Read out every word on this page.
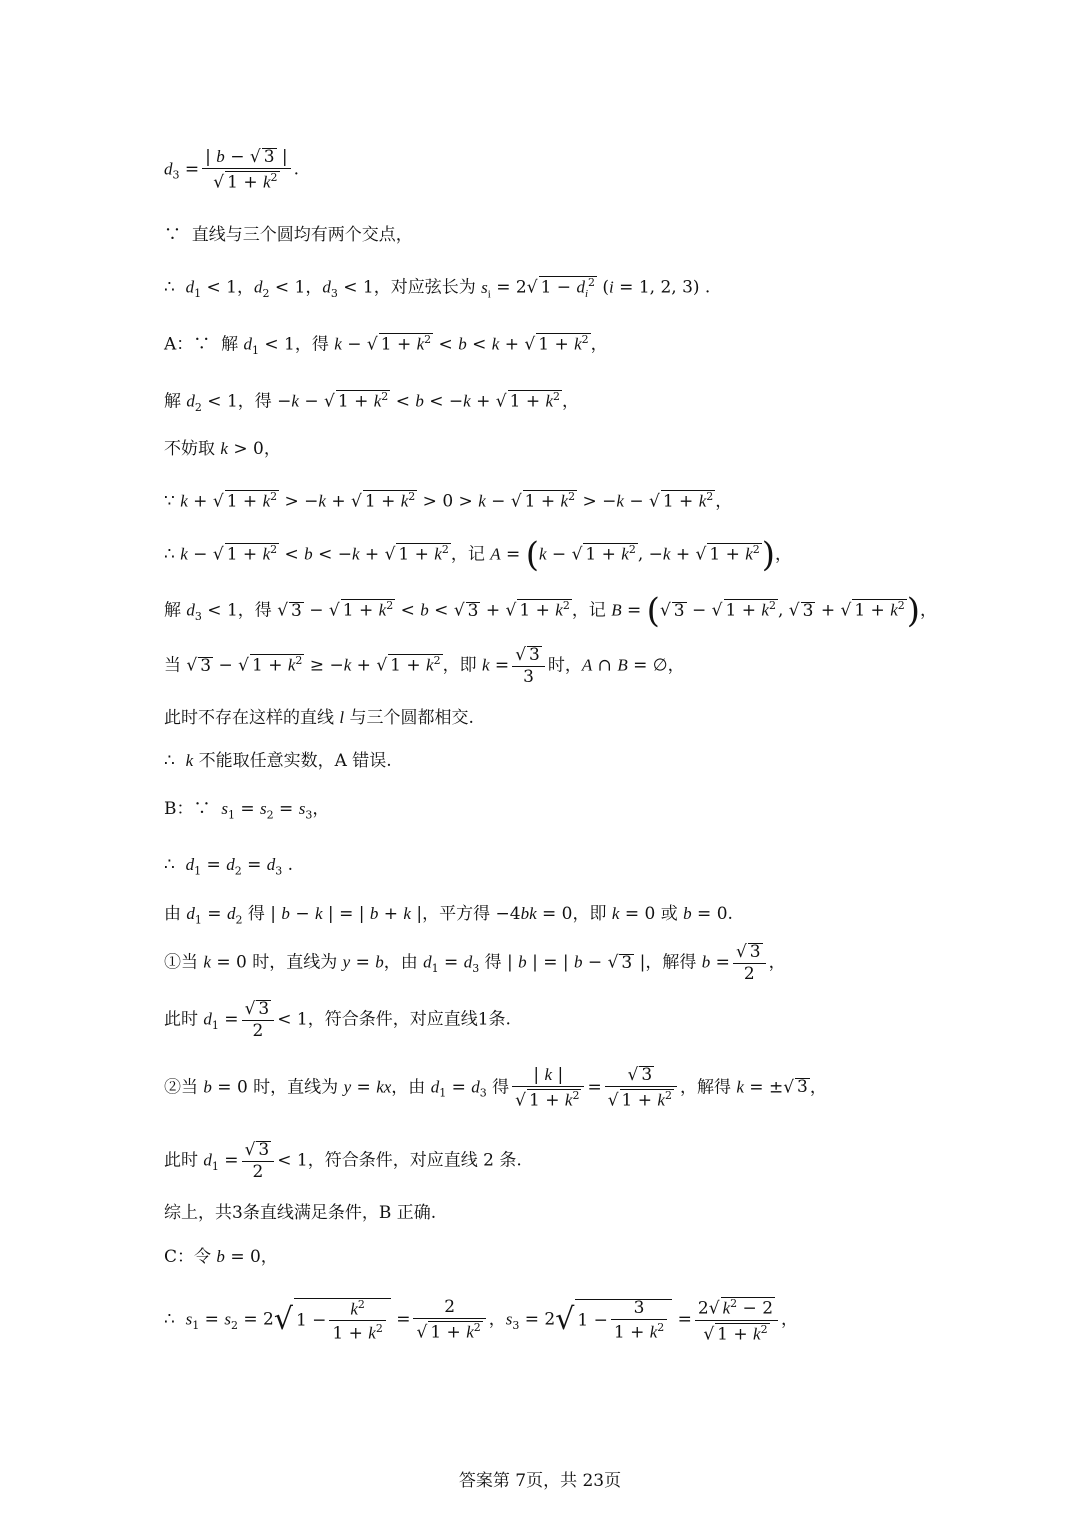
$d_3 = \frac{| b - √ 3 |}{√ 1 + k^2}$ .
∵  直线与三个圆均有两个交点，
∴  $d_1 < 1$，$d_2 < 1$，$d_3 < 1$，对应弦长为 $s_i = 2√$ $1 - d_i^2$ (i = 1, 2, 3) .
A：∵  解 $d_1 < 1$，得 k − √ $1 + k^2 < b < k$ + √ $1 + k^2$ ，
解 $d_2 < 1$，得 −k − √ $1 + k^2 < b < -k$ + √ $1 + k^2$ ，
不妨取 k > 0，
∵ k + √ $1 + k^2 > -k$ + √ $1 + k^2 > 0 > k$ − √ $1 + k^2 > -k$ − √ $1 + k^2$ ，
∴ k − √ $1 + k^2 < b < -k$ + √ $1 + k^2$ ，记 A = (k − √ $1 + k^2$ , −k + √ $1 + k^2$)，
解 $d_3 < 1$，得 √ 3 − √ $1 + k^2 < b$ < √ 3 + √ $1 + k^2$ ，记 B = (√ 3 − √ $1 + k^2$ , √ 3 + √ $1 + k^2$)，
当 √ 3 − √ $1 + k^2 \ge -k$ + √ $1 + k^2$ ，即 $k = \frac{√ 3}{3}$ 时，A ∩ B = ∅，
此时不存在这样的直线 l 与三个圆都相交.
∴  k 不能取任意实数，A 错误.
B：∵  $s_1 = s_2 = s_3$，
∴  $d_1 = d_2 = d_3$ .
由 $d_1 = d_2$ 得 | b − k | = | b + k |，平方得 −4bk = 0，即 k = 0 或 b = 0.
①当 k = 0 时，直线为 y = b，由 $d_1 = d_3$ 得 | b | = | b − √ 3 |，解得 $b = \frac{√ 3}{2}$ ，
此时 $d_1 = \frac{√ 3}{2} < 1$，符合条件，对应直线1条.
②当 b = 0 时，直线为 y = kx，由 $d_1 = d_3$ 得 $\frac{| k |}{√ 1 + k^2} = \frac{√ 3}{√ 1 + k^2}$ ，解得 k = ±√ 3 ，
此时 $d_1 = \frac{√ 3}{2} < 1$，符合条件，对应直线 2 条.
综上，共3条直线满足条件，B 正确.
C：令 b = 0，
∴  $s_1 = s_2 = 2√$ $1 - \frac{k^2}{1 + k^2} = \frac{2}{√ 1 + k^2}$ ，$s_3 = 2√$ $1 - \frac{3}{1 + k^2} = \frac{2√ k^2 - 2}{√ 1 + k^2}$ ，
答案第 7页，共 23页
